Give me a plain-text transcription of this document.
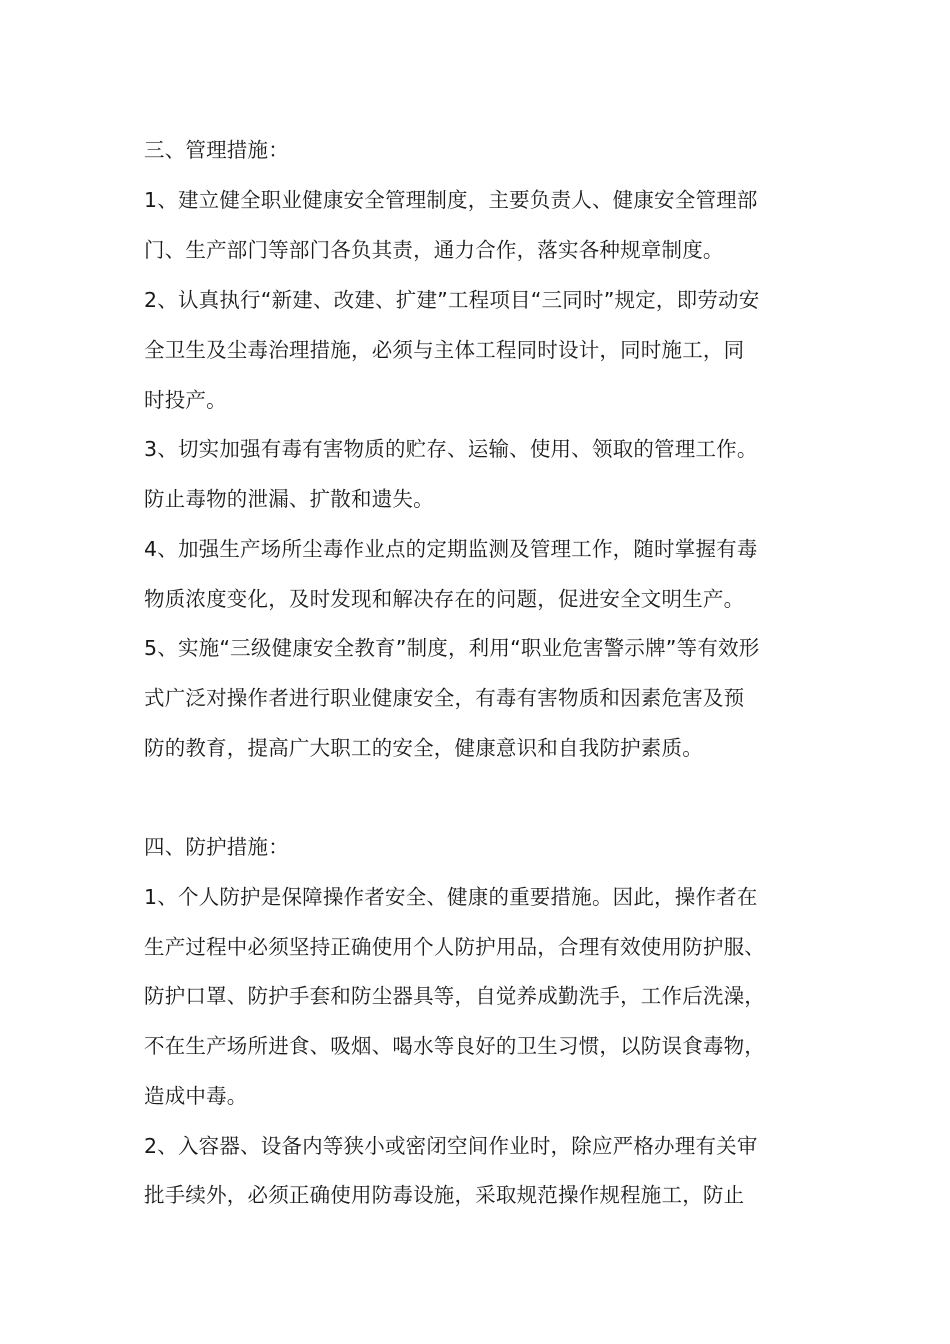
三、管理措施：

1、建立健全职业健康安全管理制度，主要负责人、健康安全管理部

门、生产部门等部门各负其责，通力合作，落实各种规章制度。

2、认真执行“新建、改建、扩建”工程项目“三同时”规定，即劳动安

全卫生及尘毒治理措施，必须与主体工程同时设计，同时施工，同

时投产。

3、切实加强有毒有害物质的贮存、运输、使用、领取的管理工作。

防止毒物的泄漏、扩散和遗失。

4、加强生产场所尘毒作业点的定期监测及管理工作，随时掌握有毒

物质浓度变化，及时发现和解决存在的问题，促进安全文明生产。

5、实施“三级健康安全教育”制度，利用“职业危害警示牌”等有效形

式广泛对操作者进行职业健康安全，有毒有害物质和因素危害及预

防的教育，提高广大职工的安全，健康意识和自我防护素质。

四、防护措施：

1、个人防护是保障操作者安全、健康的重要措施。因此，操作者在

生产过程中必须坚持正确使用个人防护用品，合理有效使用防护服、

防护口罩、防护手套和防尘器具等，自觉养成勤洗手，工作后洗澡，

不在生产场所进食、吸烟、喝水等良好的卫生习惯，以防误食毒物，

造成中毒。

2、入容器、设备内等狭小或密闭空间作业时，除应严格办理有关审

批手续外，必须正确使用防毒设施，采取规范操作规程施工，防止
